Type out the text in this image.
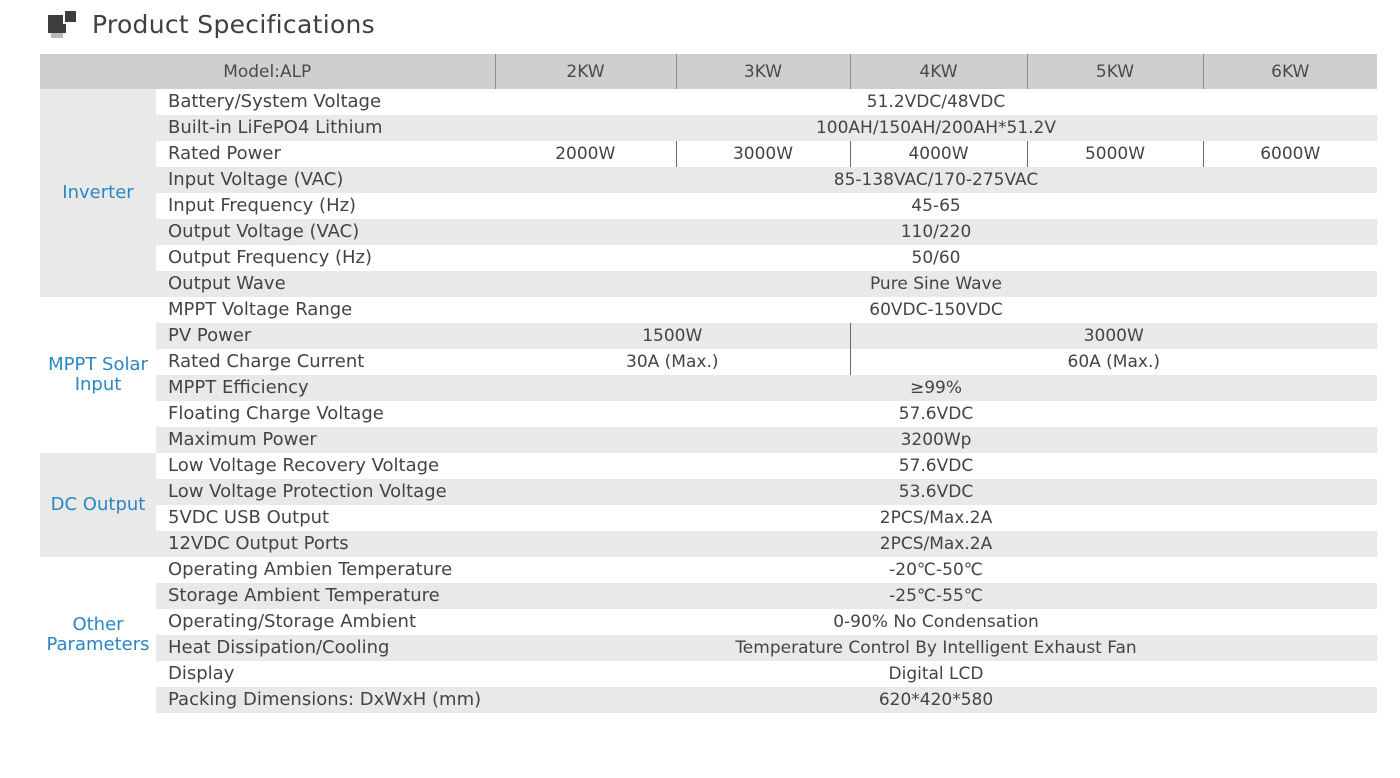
Product Specifications
Model:ALP		2KW	3KW	4KW	5KW	6KW
Inverter	Battery/System Voltage	51.2VDC/48VDC				
	Built-in LiFePO4 Lithium	100AH/150AH/200AH*51.2V				
	Rated Power	2000W	3000W	4000W	5000W	6000W
	Input Voltage (VAC)	85-138VAC/170-275VAC				
	Input Frequency (Hz)	45-65				
	Output Voltage (VAC)	110/220				
	Output Frequency (Hz)	50/60				
	Output Wave	Pure Sine Wave				
MPPT Solar
Input	MPPT Voltage Range	60VDC-150VDC				
	PV Power	1500W		3000W		
	Rated Charge Current	30A (Max.)		60A (Max.)		
	MPPT Efficiency	≥99%				
	Floating Charge Voltage	57.6VDC				
	Maximum Power	3200Wp				
DC Output	Low Voltage Recovery Voltage	57.6VDC				
	Low Voltage Protection Voltage	53.6VDC				
	5VDC USB Output	2PCS/Max.2A				
	12VDC Output Ports	2PCS/Max.2A				
Other
Parameters	Operating Ambien Temperature	-20℃-50℃				
	Storage Ambient Temperature	-25℃-55℃				
	Operating/Storage Ambient	0-90% No Condensation				
	Heat Dissipation/Cooling	Temperature Control By Intelligent Exhaust Fan				
	Display	Digital LCD				
	Packing Dimensions: DxWxH (mm)	620*420*580				
